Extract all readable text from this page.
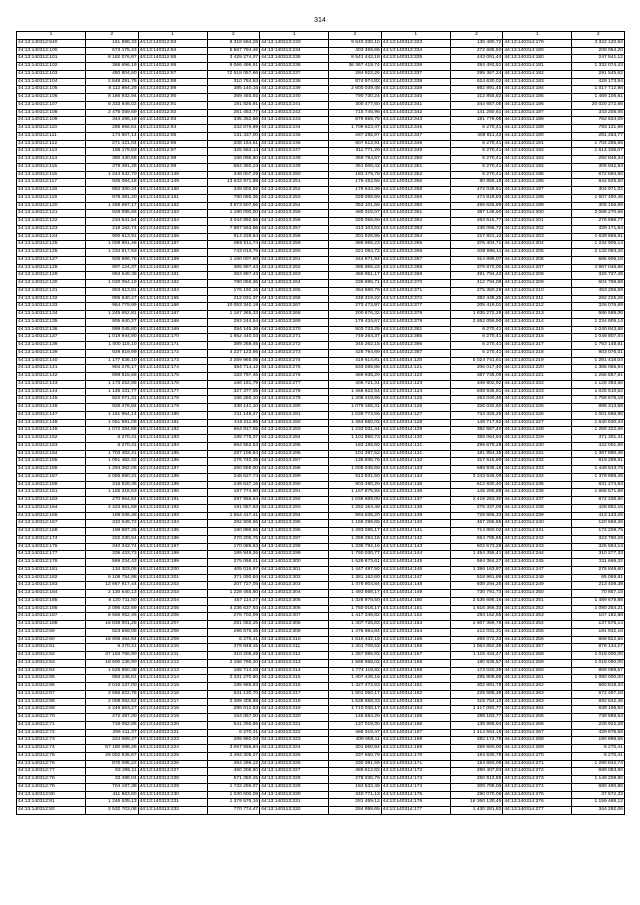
314
1	2	1	2	1	2	1	2	1	2
44:13:140312:540	161 898,33	44:13:140312:83	8 318 594,28	44:13:140313:233	9 640 330,10	44:13:140313:333	135 480,72	44:13:140314:179	3 322 120,92
44:13:140312:100	573 175,43	44:13:140312:84	5 567 794,46	44:13:140313:234	403 459,66	44:13:140313:334	272 685,50	44:13:140314:180	209 064,20
44:13:140312:101	8 182 076,97	44:13:140312:85	3 429 274,07	44:13:140313:235	8 541 442,18	44:13:140313:335	443 091,44	44:13:140314:180	247 541,12
44:13:140312:102	366 696,19	44:13:140312:86	6 066 496,51	44:13:140313:236	36 367 419,74	44:13:140313:336	284 493,51	44:13:140314:181	1 332 074,43
44:13:140312:103	450 804,60	44:13:140312:87	72 518 067,66	44:13:140313:237	284 922,26	44:13:140313:337	295 367,24	44:13:140314:182	291 545,62
44:13:140312:104	2 648 291,76	44:13:140312:88	310 784,63	44:13:140313:238	874 974,82	44:13:140313:338	624 630,02	44:13:140314:183	429 173,94
44:13:140312:105	8 112 864,29	44:13:140312:89	385 140,16	44:13:140313:239	2 600 039,48	44:13:140313:339	862 891,45	44:13:140314:184	1 017 712,98
44:13:140312:106	8 186 932,94	44:13:140312:90	269 493,92	44:13:140313:240	790 730,24	44:13:140313:340	312 855,82	44:13:140314:185	1 469 106,61
44:13:140312:107	8 333 846,02	44:13:140312:91	191 826,91	44:13:140313:241	400 477,60	44:13:140313:341	344 657,05	44:13:140314:186	20 020 272,66
44:13:140312:108	2 475 059,69	44:13:140312:92	261 453,77	44:13:140313:242	715 745,96	44:13:140313:342	141 260,61	44:13:140314:187	343 205,06
44:13:140312:109	344 296,19	44:13:140312:93	335 352,66	44:13:140313:243	879 859,75	44:13:140313:343	181 779,05	44:13:140314:188	762 834,09
44:13:140312:110	286 856,61	44:13:140312:94	232 676,99	44:13:140313:244	1 709 823,47	44:13:140313:346	6 270,41	44:13:140314:189	793 131,98
44:13:140312:111	174 907,14	44:13:140312:95	131 437,00	44:13:140313:245	287 285,97	44:13:140313:347	308 811,43	44:13:140314:190	281 453,77
44:13:140312:112	271 421,04	44:13:140312:96	208 154,51	44:13:140313:246	807 612,91	44:13:140313:348	6 270,41	44:13:140314:191	1 704 265,65
44:13:140312:113	198 179,63	44:13:140312:97	325 584,14	44:13:140313:247	311 771,29	44:13:140313:349	6 270,41	44:13:140314:192	1 514 335,07
44:13:140312:114	390 430,66	44:13:140312:98	186 095,60	44:13:140313:248	359 784,67	44:13:140313:350	6 270,41	44:13:140314:193	292 846,34
44:13:140312:115	379 491,26	44:13:140312:99	684 350,23	44:13:140313:249	351 506,43	44:13:140313:351	6 270,41	44:13:140314:194	306 942,54
44:13:140312:116	1 244 542,70	44:13:140313:148	348 007,29	44:13:140313:250	183 179,78	44:13:140313:352	6 270,41	44:13:140314:195	672 694,50
44:13:140312:117	926 084,16	44:13:140313:149	13 642 971,88	44:13:140313:251	179 452,58	44:13:140313:356	80 856,18	44:13:140314:196	844 825,50
44:13:140312:118	882 360,44	44:13:140313:150	349 802,92	44:13:140313:252	179 634,36	44:13:140313:358	472 048,61	44:13:140314:197	304 971,02
44:13:140312:119	978 481,20	44:13:140313:151	780 055,36	44:13:140313:253	328 056,69	44:13:140313:359	474 818,83	44:13:140314:198	1 507 490,45
44:13:140312:120	1 268 597,17	44:13:140313:152	3 573 507,56	44:13:140313:254	353 101,58	44:13:140313:360	459 625,89	44:13:140314:199	305 156,99
44:13:140312:121	928 085,66	44:13:140313:153	1 180 000,00	44:13:140313:255	485 315,07	44:13:140313:361	387 148,50	44:13:140314:200	2 068 270,66
44:13:140312:122	234 641,54	44:13:140313:154	3 044 892,56	44:13:140313:256	328 056,69	44:13:140313:362	263 615,77	44:13:140314:201	276 596,77
44:13:140312:123	218 162,74	44:13:140313:155	7 687 553,66	44:13:140313:257	413 103,53	44:13:140313:363	238 096,72	44:13:140314:202	329 171,84
44:13:140312:124	900 613,91	44:13:140313:156	914 228,54	44:13:140313:258	301 926,95	44:13:140313:364	217 821,12	44:13:140314:203	1 639 865,81
44:13:140312:125	1 008 861,46	44:13:140313:157	855 511,74	44:13:140313:259	386 965,23	44:13:140313:365	376 404,71	44:13:140314:204	1 234 905,14
44:13:140312:126	1 234 617,63	44:13:140313:158	743 013,76	44:13:140313:260	321 084,72	44:13:140313:366	639 898,11	44:13:140314:205	2 132 093,20
44:13:140312:127	926 896,76	44:13:140313:159	1 160 007,80	44:13:140313:261	344 871,94	44:13:140313:367	314 899,07	44:13:140314:206	585 906,18
44:13:140312:128	907 124,37	44:13:140313:160	365 997,43	44:13:140313:262	385 965,23	44:13:140313:368	379 870,00	44:13:140314:207	4 987 046,86
44:13:140312:129	963 548,38	44:13:140313:161	363 997,43	44:13:140313:263	469 951,17	44:13:140313:369	491 794,43	44:13:140314:208	326 727,45
44:13:140312:130	1 020 054,19	44:13:140313:162	780 055,36	44:13:140313:264	336 895,71	44:13:140313:370	412 794,08	44:13:140314:209	604 798,68
44:13:140312:131	903 613,91	44:13:140313:164	176 192,16	44:13:140313:265	364 690,79	44:13:140313:371	275 350,28	44:13:140314:210	453 255,59
44:13:140312:132	905 640,27	44:13:140313:165	212 031,37	44:13:140313:266	348 319,22	44:13:140313:372	392 448,25	44:13:140314:211	282 225,26
44:13:140312:133	964 779,99	44:13:140313:166	10 053 340,19	44:13:140313:267	273 473,97	44:13:140313:377	205 419,01	44:13:140314:212	326 076,69
44:13:140312:134	1 245 652,81	44:13:140313:167	1 167 365,33	44:13:140313:268	200 676,32	44:13:140313:378	1 835 272,26	44:13:140314:213	586 589,06
44:13:140312:135	905 640,27	44:13:140313:168	293 244,64	44:13:140313:269	176 434,67	44:13:140313:379	2 652 056,90	44:13:140314:214	1 234 905,14
44:13:140312:136	899 045,80	44:13:140313:169	284 145,36	44:13:140313:270	503 733,25	44:13:140313:381	6 270,41	44:13:140314:215	1 040 843,68
44:13:140312:137	1 019 944,90	44:13:140313:170	1 852 440,03	44:13:140313:271	749 264,37	44:13:140313:385	6 270,41	44:13:140314:216	1 049 807,04
44:13:140312:138	1 000 115,10	44:13:140313:171	389 268,45	44:13:140313:272	345 262,15	44:13:140313:386	6 270,41	44:13:140314:217	1 763 148,61
44:13:140312:139	929 819,99	44:13:140313:172	4 227 123,66	44:13:140313:273	426 794,69	44:13:140313:387	6 270,41	44:13:140314:218	903 076,01
44:13:140312:140	1 177 536,10	44:13:140313:173	2 269 965,05	44:13:140313:274	419 614,81	44:13:140314:120	5 024 741,61	44:13:140314:219	1 281 416,04
44:13:140312:141	904 276,17	44:13:140313:174	384 714,12	44:13:140313:275	533 265,86	44:13:140314:121	206 017,40	44:13:140314:220	1 385 065,84
44:13:140312:142	899 815,65	44:13:140313:175	183 797,46	44:13:140313:276	389 935,29	44:13:140314:122	387 745,09	44:13:140314:221	1 258 867,61
44:13:140312:143	1 173 252,85	44:13:140313:176	166 181,79	44:13:140313:277	406 721,31	44:13:140314:123	349 802,92	44:13:140314:222	1 126 393,50
44:13:140312:144	1 146 431,77	44:13:140313:177	327 377,05	44:13:140313:278	1 466 622,54	44:13:140314:124	839 936,81	44:13:140314:223	1 025 510,62
44:13:140312:145	922 071,31	44:13:140313:178	186 265,10	44:13:140313:279	1 208 419,66	44:13:140314:125	263 040,46	44:13:140314:224	1 759 676,19
44:13:140312:146	926 476,84	44:13:140313:179	338 141,10	44:13:140313:280	1 079 165,31	44:13:140314:126	326 032,60	44:13:140314:225	895 313,58
44:13:140312:147	1 161 964,14	44:13:140313:180	211 146,47	44:13:140313:281	1 039 773,56	44:13:140314:127	734 326,29	44:13:140314:226	1 001 566,96
44:13:140312:148	1 051 591,06	44:13:140313:181	416 211,86	44:13:140313:282	1 464 650,03	44:13:140314:128	148 717,62	44:13:140314:227	1 540 630,44
44:13:140312:149	1 072 284,66	44:13:140313:182	654 817,55	44:13:140313:283	1 233 031,44	44:13:140314:129	392 667,40	44:13:140314:228	1 259 322,06
44:13:140312:152	6 270,41	44:13:140313:183	189 775,37	44:13:140313:284	1 101 856,73	44:13:140314:130	358 064,94	44:13:140314:229	371 301,41
44:13:140312:153	6 270,41	44:13:140313:184	684 562,53	44:13:140313:285	183 155,60	44:13:140314:131	299 679,28	44:13:140314:230	422 001,55
44:13:140312:154	1 703 482,41	44:13:140313:185	287 105,64	44:13:140313:286	101 397,52	44:13:140314:131	181 854,35	44:13:140314:231	1 367 890,46
44:13:140312:155	1 051 482,42	44:13:140313:186	276 740,35	44:13:140313:287	135 936,76	44:13:140314:132	317 615,80	44:13:140314:232	819 299,81
44:13:140312:156	1 294 362,06	44:13:140313:187	260 559,00	44:13:140313:288	1 005 045,58	44:13:140314:133	589 936,18	44:13:140314:233	1 449 543,75
44:13:140312:157	2 056 690,31	44:13:140313:188	248 627,74	44:13:140313:289	913 831,50	44:13:140314:134	3 243 646,09	44:13:140314:234	1 379 868,45
44:13:140312:158	316 828,36	44:13:140313:189	249 637,16	44:13:140313:290	903 490,29	44:13:140314:135	612 830,40	44:13:140314:235	831 274,84
44:13:140312:161	1 155 318,63	44:13:140313:190	187 774,90	44:13:140313:291	1 167 875,93	44:13:140314:136	145 260,88	44:13:140314:236	1 668 571,88
44:13:140312:163	270 854,64	44:13:140313:191	297 956,64	44:13:140313:292	1 036 669,00	44:13:140314:137	2 419 263,30	44:13:140314:237	672 336,90
44:13:140312:164	4 423 561,69	44:13:140313:192	191 057,63	44:13:140313:293	1 252 164,48	44:13:140314:138	278 337,09	44:13:140314:238	428 852,15
44:13:140312:166	188 036,48	44:13:140313:193	1 554 417,41	44:13:140313:294	963 535,20	44:13:140314:139	728 666,33	44:13:140314:239	413 143,25
44:13:140312:167	310 549,72	44:13:140313:194	282 806,56	44:13:140313:295	1 156 298,65	44:13:140314:140	467 265,85	44:13:140314:240	120 658,26
44:13:140312:168	199 687,26	44:13:140313:195	190 888,56	44:13:140313:296	1 493 285,17	44:13:140314:141	714 850,02	44:13:140314:241	172 209,75
44:13:140312:174	222 230,64	44:13:140313:196	270 205,76	44:13:140313:297	1 369 284,16	44:13:140314:142	654 785,66	44:13:140314:242	323 790,29
44:13:140312:175	340 343,74	44:13:140313:197	170 089,53	44:13:140313:298	1 336 792,16	44:13:140314:143	502 673,28	44:13:140314:243	325 584,14
44:13:140312:177	339 433,73	44:13:140313:198	189 948,26	44:13:140313:299	1 750 030,77	44:13:140314:144	1 454 355,41	44:13:140314:244	310 277,33
44:13:140312:178	569 234,43	44:13:140313:199	275 066,41	44:13:140313:300	1 526 673,61	44:13:140314:145	594 364,27	44:13:140314:245	311 669,32
44:13:140312:181	134 303,05	44:13:140313:200	405 016,97	44:13:140313:301	1 447 497,50	44:13:140314:146	1 396 163,87	44:13:140314:247	275 849,60
44:13:140312:182	6 108 754,98	44:13:140313:201	371 090,84	44:13:140313:302	1 381 162,60	44:13:140314:147	518 961,89	44:13:140314:248	65 069,81
44:13:140312:183	12 667 917,44	44:13:140313:202	207 727,05	44:13:140313:303	1 478 904,84	44:13:140314:148	938 294,25	44:13:140314:249	213 408,39
44:13:140312:184	2 130 640,13	44:13:140313:203	1 228 455,60	44:13:140313:304	1 493 868,17	44:13:140314:149	730 791,73	44:13:140314:250	70 857,15
44:13:140312:185	8 120 711,50	44:13:140313:204	457 114,27	44:13:140313:305	1 328 978,50	44:13:140314:150	2 535 698,16	44:13:140314:251	1 489 679,88
44:13:140312:186	2 095 422,69	44:13:140313:205	4 236 637,93	44:13:140313:306	1 760 016,17	44:13:140314:151	1 816 366,33	44:13:140314:252	1 090 254,21
44:13:140312:187	8 566 052,46	44:13:140313:206	276 702,09	44:13:140313:307	1 417 346,82	44:13:140314:152	283 152,65	44:13:140314:253	107 182,88
44:13:140312:188	18 839 001,25	44:13:140313:207	281 082,26	44:13:140313:308	1 407 726,83	44:13:140314:153	2 607 369,78	44:13:140314:254	137 676,14
44:13:140312:59	823 559,05	44:13:140313:208	296 676,36	44:13:140313:309	1 475 984,84	44:13:140314:154	212 031,31	44:13:140314:255	191 942,16
44:13:140312:60	18 606 484,94	44:13:140313:209	6 270,41	44:13:140313:310	1 610 432,15	44:13:140314:155	269 072,33	44:13:140314:256	669 822,56
44:13:140312:61	6 270,41	44:13:140313:210	379 848,15	44:13:140313:311	1 401 708,53	44:13:140314:156	1 564 852,38	44:13:140314:257	979 134,27
44:13:140312:62	37 193 766,90	44:13:140313:211	310 205,49	44:13:140313:312	1 367 985,93	44:13:140314:157	1 115 434,47	44:13:140314:258	1 019 000,00
44:13:140312:63	18 600 136,90	44:13:140313:212	2 166 795,20	44:13:140313:313	1 568 958,02	44:13:140314:158	180 836,57	44:13:140314:259	1 019 090,00
44:13:140312:64	1 625 860,38	44:13:140313:213	185 714,28	44:13:140313:314	1 774 119,82	44:13:140314:159	173 020,35	44:13:140314:260	959 089,57
44:13:140312:65	993 146,81	44:13:140313:214	2 331 270,60	44:13:140313:315	1 407 446,16	44:13:140314:160	285 808,88	44:13:140314:261	1 080 000,00
44:13:140312:66	3 016 137,00	44:13:140313:215	195 965,93	44:13:140313:316	1 427 472,83	44:13:140314:161	302 891,78	44:13:140314:262	560 819,34
44:13:140312:67	3 665 822,76	44:13:140313:216	631 130,70	44:13:140313:317	1 501 050,17	44:13:140314:162	229 686,38	44:13:140314:263	572 497,16
44:13:140312:68	2 008 052,62	44:13:140313:217	2 399 408,88	44:13:140313:318	1 536 858,33	44:13:140314:163	319 754,12	44:13:140314:263	692 642,45
44:13:140312:69	2 246 563,27	44:13:140313:218	286 012,53	44:13:140313:319	1 710 030,17	44:13:140314:164	1 417 092,77	44:13:140314:264	638 196,92
44:13:140312:70	472 497,30	44:13:140313:219	164 057,00	44:13:140313:320	145 684,29	44:13:140314:165	289 183,77	44:13:140314:265	739 588,54
44:13:140312:71	716 052,95	44:13:140313:220	541 266,86	44:13:140313:321	137 019,00	44:13:140314:166	139 868,94	44:13:140314:266	226 922,28
44:13:140312:72	299 411,37	44:13:140313:221	6 270,41	44:13:140313:322	468 319,47	44:13:140314:167	1 414 564,15	44:13:140314:267	429 675,56
44:13:140312:73	224 069,37	44:13:140313:223	289 860,03	44:13:140313:323	409 659,11	44:13:140314:168	282 172,76	44:13:140314:268	190 896,55
44:13:140312:74	57 180 098,45	44:13:140313:224	3 067 556,84	44:13:140313:324	301 560,84	44:13:140314:169	259 660,00	44:13:140314:269	6 270,41
44:13:140312:75	26 002 536,67	44:13:140313:225	2 492 305,27	44:13:140313:325	337 660,79	44:13:140314:170	194 530,78	44:13:140314:270	6 270,41
44:13:140312:76	870 095,22	44:13:140313:226	494 296,12	44:13:140313:326	330 381,59	44:13:140314:171	154 693,06	44:13:140314:271	1 290 842,74
44:13:140312:77	63 295,11	44:13:140313:227	450 305,50	44:13:140313:327	489 612,82	44:13:140314:172	290 407,93	44:13:140314:272	699 083,60
44:13:140312:78	33 488,04	44:13:140313:228	571 350,45	44:13:140313:328	278 336,79	44:13:140314:173	250 913,59	44:13:140314:273	1 149 209,90
44:13:140312:79	704 197,38	44:13:140313:229	1 732 296,07	44:13:140313:329	184 532,49	44:13:140314:174	309 789,06	44:13:140314:274	680 490,86
44:13:140312:80	411 863,60	44:13:140313:230	1 030 600,08	44:13:140313:330	340 771,13	44:13:140314:175	290 070,06	44:13:140314:275	37 572,33
44:13:140312:81	1 246 535,13	44:13:140313:231	1 379 576,16	44:13:140313:331	281 459,12	44:13:140314:176	18 360 130,46	44:13:140314:276	1 159 488,12
44:13:140312:82	2 532 703,08	44:13:140313:232	770 774,47	44:13:140313:332	284 998,65	44:13:140314:177	1 430 281,82	44:13:140314:277	344 292,06
